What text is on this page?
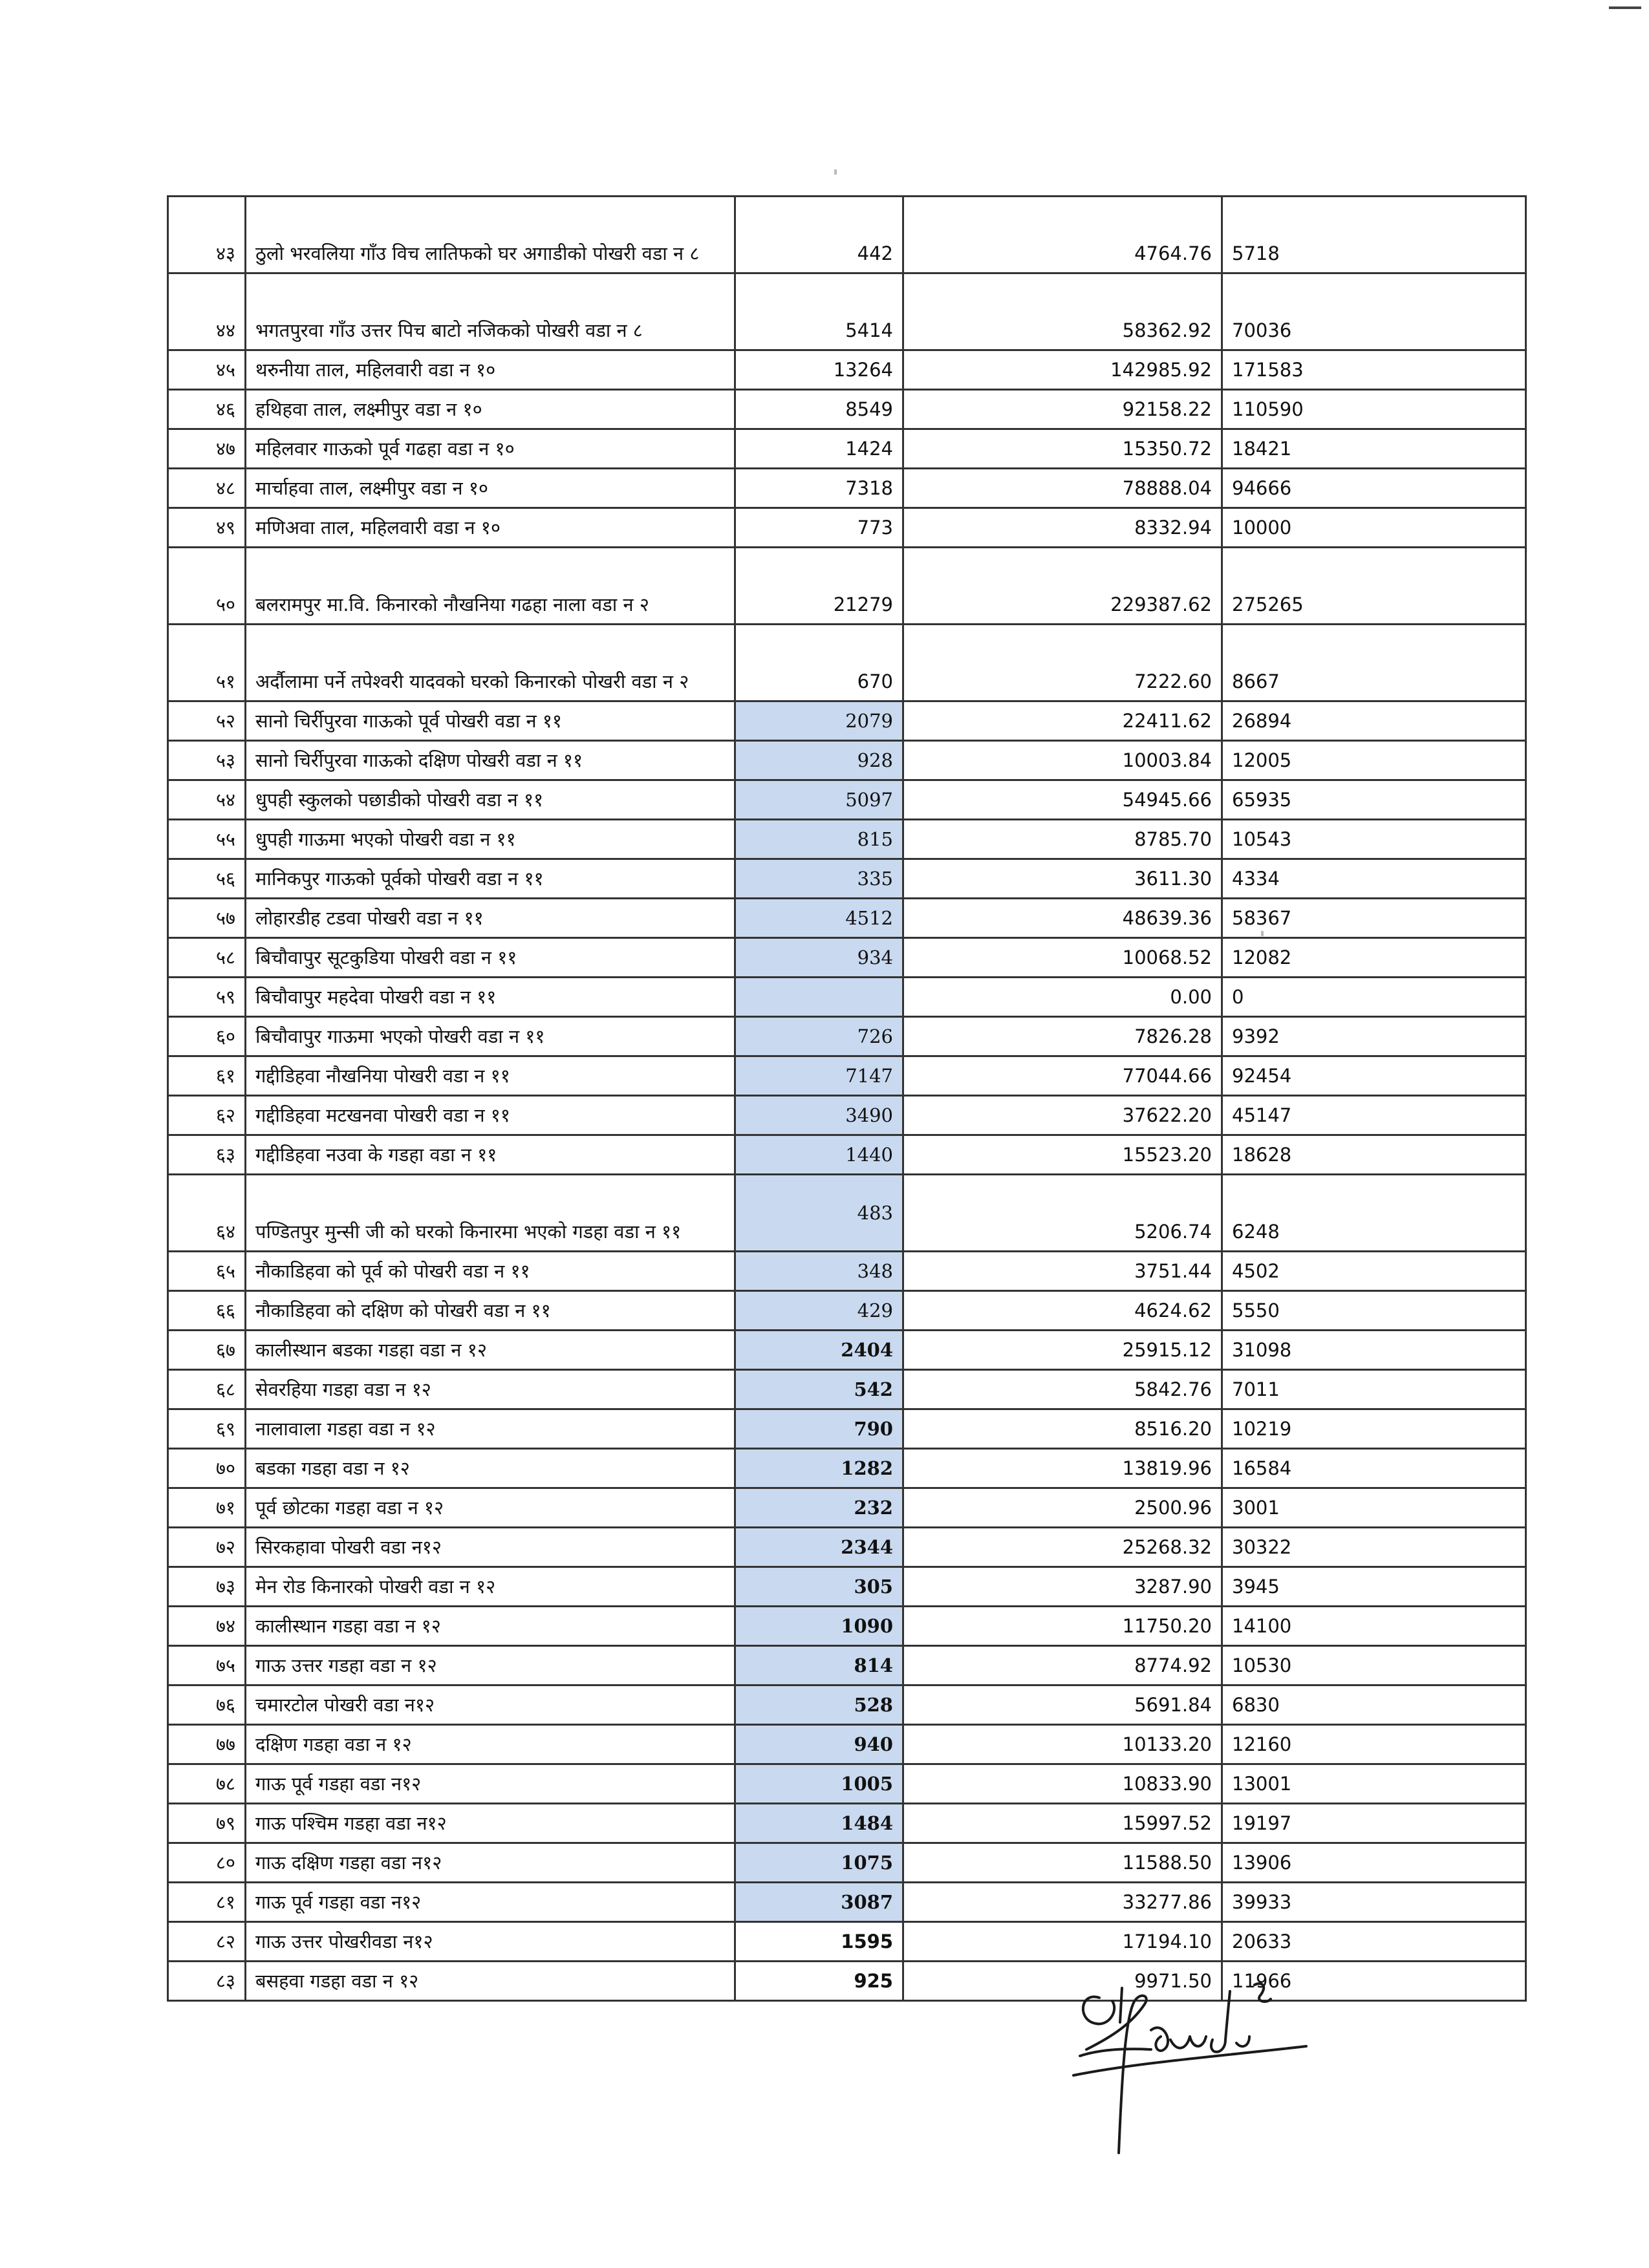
४३	ठुलो भरवलिया गाँउ विच लातिफको घर अगाडीको पोखरी वडा न ८	442	4764.76	5718
४४	भगतपुरवा गाँउ उत्तर पिच बाटो नजिकको पोखरी वडा न ८	5414	58362.92	70036
४५	थरुनीया ताल, महिलवारी वडा न १०	13264	142985.92	171583
४६	हथिहवा ताल, लक्ष्मीपुर वडा न १०	8549	92158.22	110590
४७	महिलवार गाऊको पूर्व गढहा वडा न १०	1424	15350.72	18421
४८	मार्चाहवा ताल, लक्ष्मीपुर वडा न १०	7318	78888.04	94666
४९	मणिअवा ताल, महिलवारी वडा न १०	773	8332.94	10000
५०	बलरामपुर मा.वि. किनारको नौखनिया गढहा नाला वडा न २	21279	229387.62	275265
५१	अर्दौलामा पर्ने तपेश्वरी यादवको घरको किनारको पोखरी वडा न २	670	7222.60	8667
५२	सानो चिर्रीपुरवा गाऊको पूर्व पोखरी वडा न ११	2079	22411.62	26894
५३	सानो चिर्रीपुरवा गाऊको दक्षिण पोखरी वडा न ११	928	10003.84	12005
५४	धुपही स्कुलको पछाडीको पोखरी वडा न ११	5097	54945.66	65935
५५	धुपही गाऊमा भएको पोखरी वडा न ११	815	8785.70	10543
५६	मानिकपुर गाऊको पूर्वको पोखरी वडा न ११	335	3611.30	4334
५७	लोहारडीह टडवा पोखरी वडा न ११	4512	48639.36	58367
५८	बिचौवापुर सूटकुडिया पोखरी वडा न ११	934	10068.52	12082
५९	बिचौवापुर महदेवा पोखरी वडा न ११		0.00	0
६०	बिचौवापुर गाऊमा भएको पोखरी वडा न ११	726	7826.28	9392
६१	गद्दीडिहवा नौखनिया पोखरी वडा न ११	7147	77044.66	92454
६२	गद्दीडिहवा मटखनवा पोखरी वडा न ११	3490	37622.20	45147
६३	गद्दीडिहवा नउवा के गडहा वडा न ११	1440	15523.20	18628
६४	पण्डितपुर मुन्सी जी को घरको किनारमा भएको गडहा वडा न ११	483	5206.74	6248
६५	नौकाडिहवा को पूर्व को पोखरी वडा न ११	348	3751.44	4502
६६	नौकाडिहवा को दक्षिण को पोखरी वडा न ११	429	4624.62	5550
६७	कालीस्थान बडका गडहा वडा न १२	2404	25915.12	31098
६८	सेवरहिया गडहा वडा न १२	542	5842.76	7011
६९	नालावाला गडहा वडा न १२	790	8516.20	10219
७०	बडका गडहा वडा न १२	1282	13819.96	16584
७१	पूर्व छोटका गडहा वडा न १२	232	2500.96	3001
७२	सिरकहावा पोखरी वडा न१२	2344	25268.32	30322
७३	मेन रोड किनारको पोखरी वडा न १२	305	3287.90	3945
७४	कालीस्थान गडहा वडा न १२	1090	11750.20	14100
७५	गाऊ उत्तर गडहा वडा न १२	814	8774.92	10530
७६	चमारटोल पोखरी वडा न१२	528	5691.84	6830
७७	दक्षिण गडहा वडा न १२	940	10133.20	12160
७८	गाऊ पूर्व गडहा वडा न१२	1005	10833.90	13001
७९	गाऊ पश्चिम गडहा वडा न१२	1484	15997.52	19197
८०	गाऊ दक्षिण गडहा वडा न१२	1075	11588.50	13906
८१	गाऊ पूर्व गडहा वडा न१२	3087	33277.86	39933
८२	गाऊ उत्तर पोखरीवडा न१२	1595	17194.10	20633
८३	बसहवा गडहा वडा न १२	925	9971.50	11966
